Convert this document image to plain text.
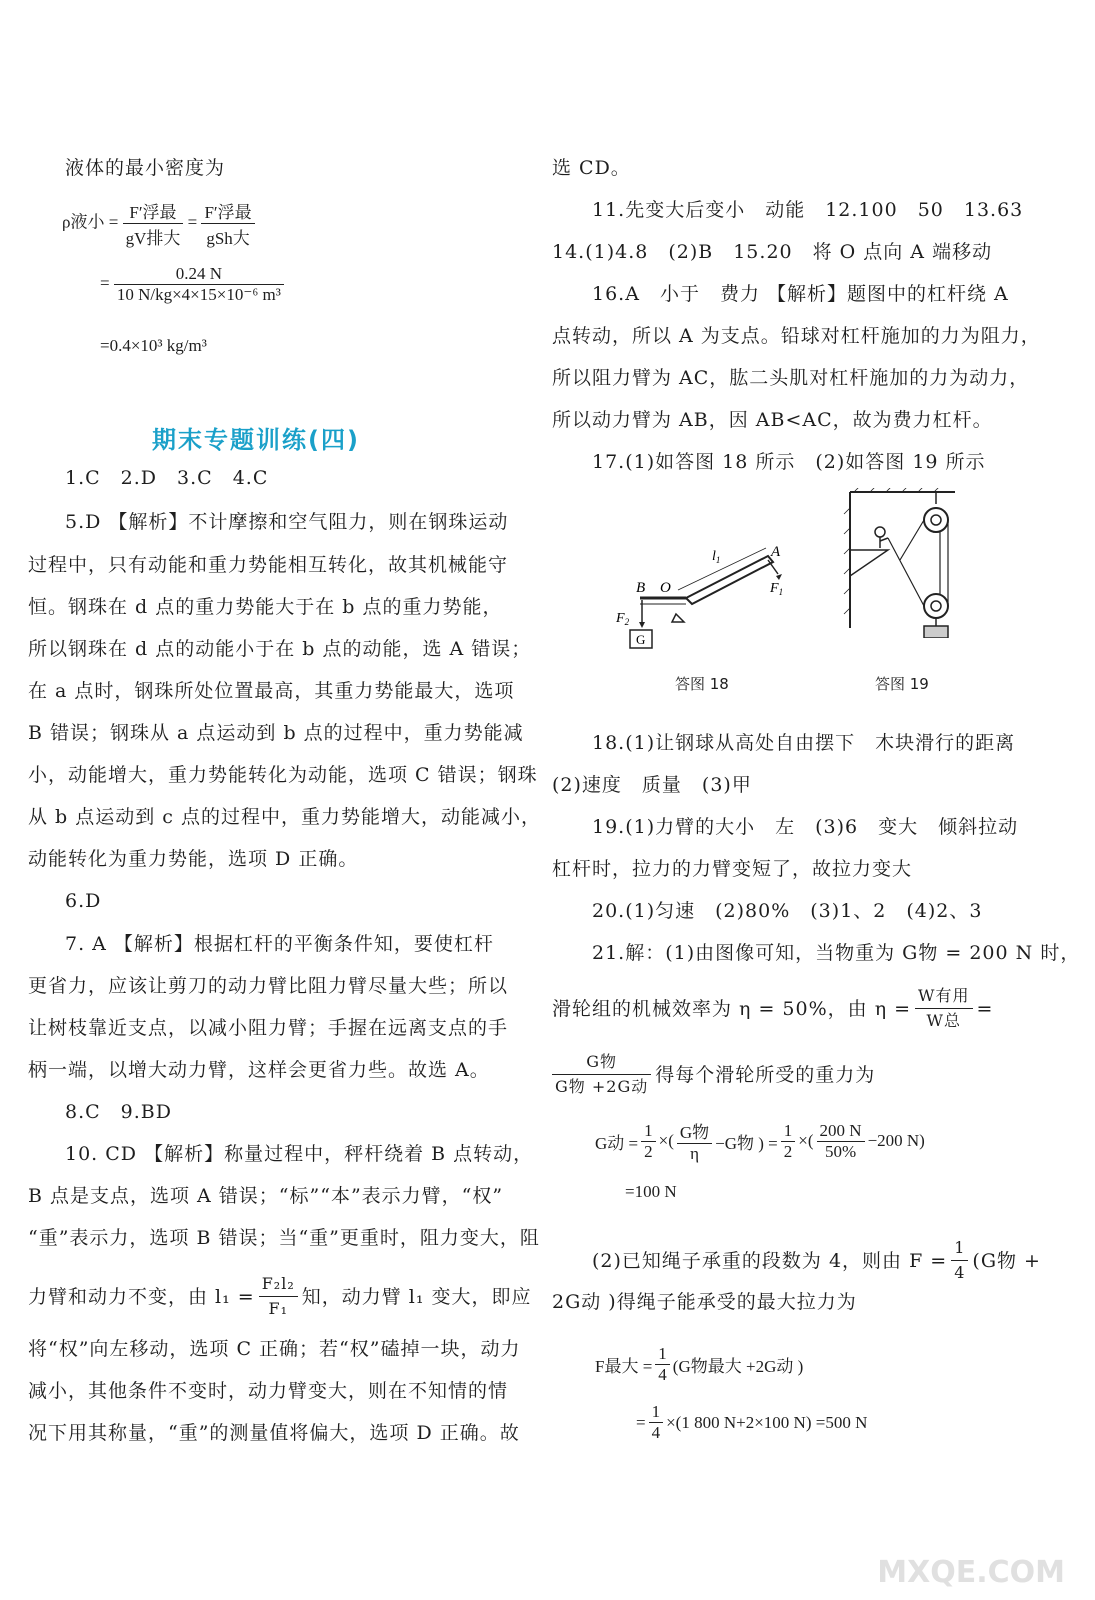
液体的最小密度为
ρ液小 = $\frac{\text{F′浮最}}{\text{gV排大}} = \frac{\text{F′浮最}}{\text{gSh大}}$
= $\frac{0.24 N}{\text{10 N/kg×4×15×10⁻⁶ m³}}$
=0.4×10³ kg/m³
期末专题训练(四)
1.C　2.D　3.C　4.C
5.D 【解析】不计摩擦和空气阻力，则在钢珠运动
过程中，只有动能和重力势能相互转化，故其机械能守
恒。钢珠在 d 点的重力势能大于在 b 点的重力势能，
所以钢珠在 d 点的动能小于在 b 点的动能，选 A 错误；
在 a 点时，钢珠所处位置最高，其重力势能最大，选项
B 错误；钢珠从 a 点运动到 b 点的过程中，重力势能减
小，动能增大，重力势能转化为动能，选项 C 错误；钢珠
从 b 点运动到 c 点的过程中，重力势能增大，动能减小，
动能转化为重力势能，选项 D 正确。
6.D
7. A 【解析】根据杠杆的平衡条件知，要使杠杆
更省力，应该让剪刀的动力臂比阻力臂尽量大些；所以
让树枝靠近支点，以减小阻力臂；手握在远离支点的手
柄一端，以增大动力臂，这样会更省力些。故选 A。
8.C　9.BD
10. CD 【解析】称量过程中，秤杆绕着 B 点转动，
B 点是支点，选项 A 错误；“标”“本”表示力臂，“权”
“重”表示力，选项 B 错误；当“重”更重时，阻力变大，阻
力臂和动力不变，由 $l_1 = \frac{\text{F₂l₂}}{\text{F₁}}$ 知，动力臂 l₁ 变大，即应
将“权”向左移动，选项 C 正确；若“权”磕掉一块，动力
减小，其他条件不变时，动力臂变大，则在不知情的情
况下用其称量，“重”的测量值将偏大，选项 D 正确。故
选 CD。
11.先变大后变小　动能　12.100　50　13.63
14.(1)4.8　(2)B　15.20　将 O 点向 A 端移动
16.A　小于　费力 【解析】题图中的杠杆绕 A
点转动，所以 A 为支点。铅球对杠杆施加的力为阻力，
所以阻力臂为 AC，肱二头肌对杠杆施加的力为动力，
所以动力臂为 AB，因 AB<AC，故为费力杠杆。
17.(1)如答图 18 所示　(2)如答图 19 所示
G
B O
$l_1$	A
$F_1$
$F_2$
答图 18	答图 19
18.(1)让钢球从高处自由摆下　木块滑行的距离
(2)速度　质量　(3)甲
19.(1)力臂的大小　左　(3)6　变大　倾斜拉动
杠杆时，拉力的力臂变短了，故拉力变大
20.(1)匀速　(2)80%　(3)1、2　(4)2、3
21.解：(1)由图像可知，当物重为 G物 = 200 N 时，
滑轮组的机械效率为 η = 50%，由 $\eta = \frac{\text{W有用}}{\text{W总}}$ =
$\frac{\text{G物}}{\text{G物 +2G动}}$ 得每个滑轮所受的重力为
G动 = $\frac{1}{2}$ ×( $\frac{\text{G物}}{\eta} -G$物 ) = $\frac{1}{2}$ ×( $\frac{200 N}{50\%} -200$ N)
=100 N
(2)已知绳子承重的段数为 4，则由 $F = \frac{1}{4} (G$物 +
2G动 )得绳子能承受的最大拉力为
F最大 = $\frac{1}{4} (G$物最大 +2G动 )
= $\frac{1}{4} \times(1$ 800 N+2×100 N) =500 N
MXQE.COM
